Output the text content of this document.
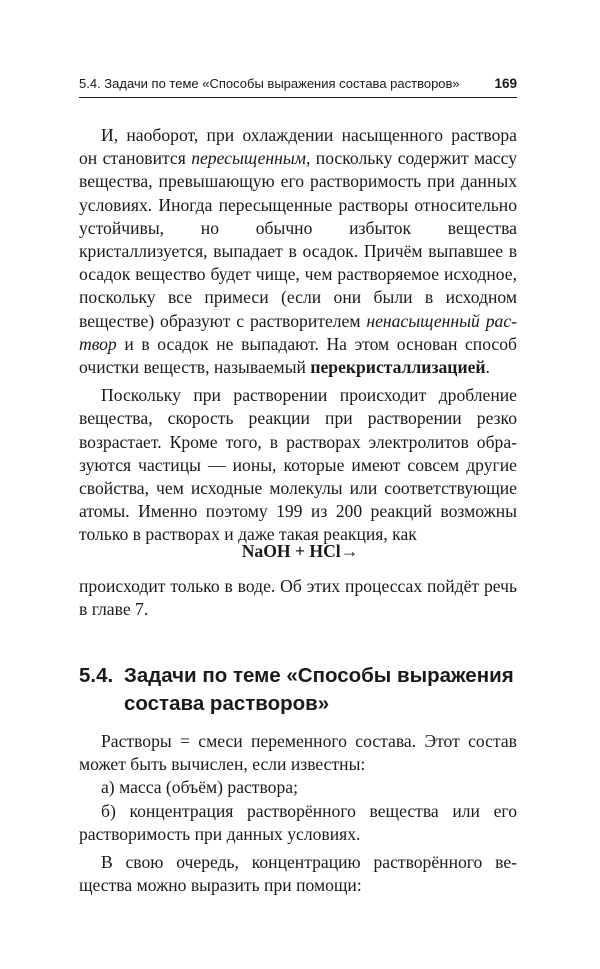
5.4. Задачи по теме «Способы выражения состава растворов»	169

И, наоборот, при охлаждении насыщенного раствора он становится пересыщенным, поскольку содержит массу вещества, превышающую его растворимость при данных условиях. Иногда пересыщенные растворы относительно устойчивы, но обычно избыток вещества кристаллизуется, выпадает в осадок. Причём выпавшее в осадок вещество будет чище, чем растворяемое исходное, поскольку все примеси (если они были в исходном веществе) образуют с растворителем ненасыщенный раствор и в осадок не выпадают. На этом основан способ очистки веществ, называемый перекристаллизацией.

Поскольку при растворении происходит дробление вещества, скорость реакции при растворении резко возрастает. Кроме того, в растворах электролитов образуются частицы — ионы, которые имеют совсем другие свойства, чем исходные молекулы или соответствующие атомы. Именно поэтому 199 из 200 реакций возможны только в растворах и даже такая реакция, как

NaOH + HCl→

происходит только в воде. Об этих процессах пойдёт речь в главе 7.

5.4. Задачи по теме «Способы выражения
состава растворов»

Растворы = смеси переменного состава. Этот состав может быть вычислен, если известны:

а) масса (объём) раствора;

б) концентрация растворённого вещества или его растворимость при данных условиях.

В свою очередь, концентрацию растворённого вещества можно выразить при помощи:
